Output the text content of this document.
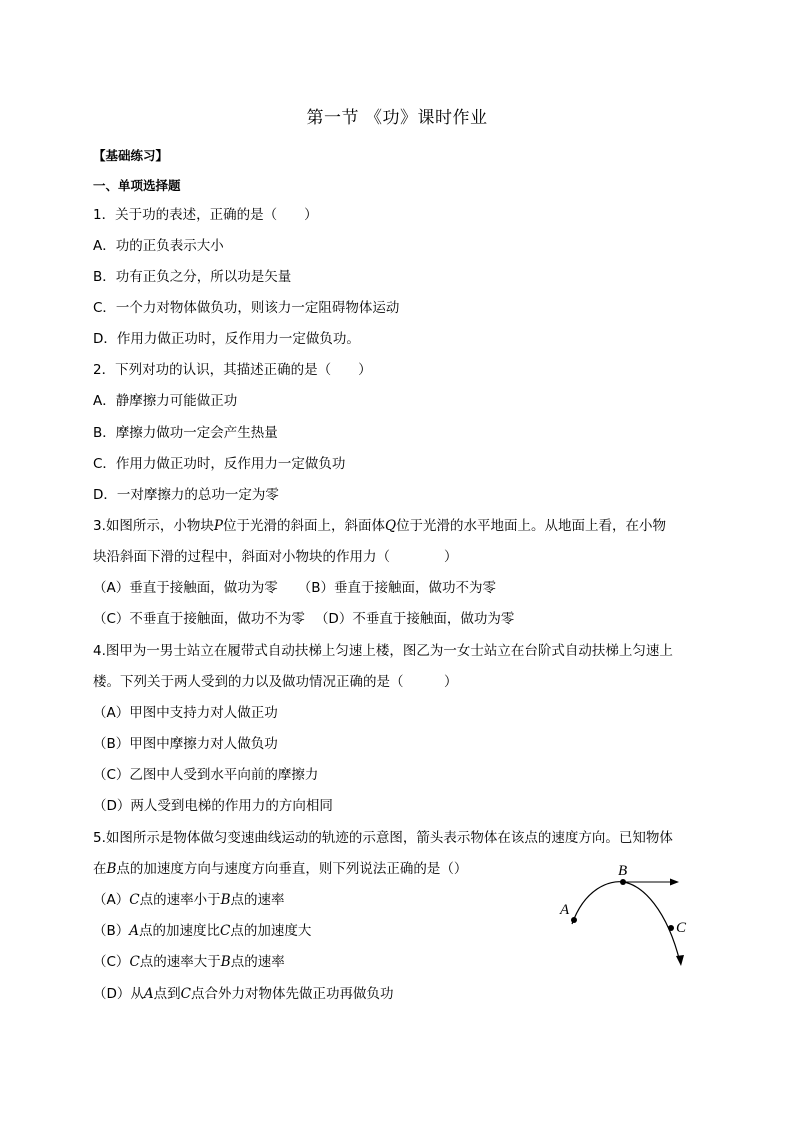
第一节 《功》课时作业
【基础练习】
一、单项选择题
1．关于功的表述，正确的是（　　）
A．功的正负表示大小
B．功有正负之分，所以功是矢量
C．一个力对物体做负功，则该力一定阻碍物体运动
D．作用力做正功时，反作用力一定做负功。
2．下列对功的认识，其描述正确的是（　　）
A．静摩擦力可能做正功
B．摩擦力做功一定会产生热量
C．作用力做正功时，反作用力一定做负功
D．一对摩擦力的总功一定为零
3.如图所示，小物块P位于光滑的斜面上，斜面体Q位于光滑的水平地面上。从地面上看，在小物
块沿斜面下滑的过程中，斜面对小物块的作用力（　　　　）
（A）垂直于接触面，做功为零 （B）垂直于接触面，做功不为零
（C）不垂直于接触面，做功不为零 （D）不垂直于接触面，做功为零
4.图甲为一男士站立在履带式自动扶梯上匀速上楼，图乙为一女士站立在台阶式自动扶梯上匀速上
楼。下列关于两人受到的力以及做功情况正确的是（　　　）
（A）甲图中支持力对人做正功
（B）甲图中摩擦力对人做负功
（C）乙图中人受到水平向前的摩擦力
（D）两人受到电梯的作用力的方向相同
5.如图所示是物体做匀变速曲线运动的轨迹的示意图，箭头表示物体在该点的速度方向。已知物体
在B点的加速度方向与速度方向垂直，则下列说法正确的是（）
（A）C点的速率小于B点的速率
（B）A点的加速度比C点的加速度大
（C）C点的速率大于B点的速率
（D）从A点到C点合外力对物体先做正功再做负功
A
B
C
